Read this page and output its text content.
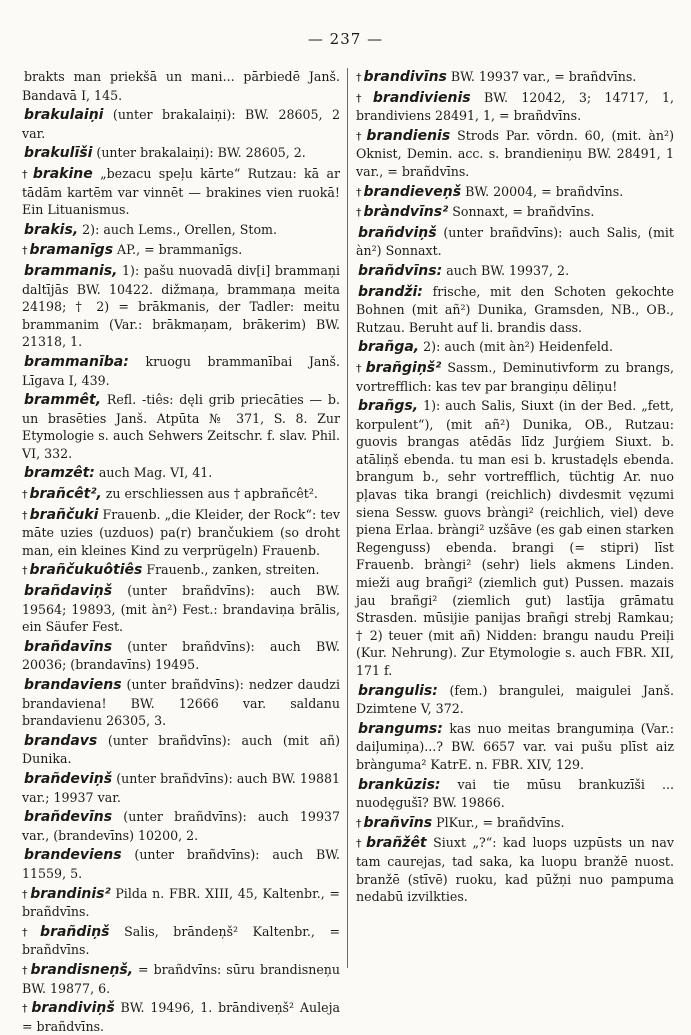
— 237 —

brakts man priekšā un mani... pārbiedē Janš. Bandavā I, 145.

brakulaiņi (unter brakalaiņi): BW. 28605, 2 var.

brakulīši (unter brakalaiņi): BW. 28605, 2.

† brakine „bezacu speļu kārte“ Rutzau: kā ar tādām kartēm var vinnēt — brakines vien ruokā! Ein Lituanismus.

brakis, 2): auch Lems., Orellen, Stom.

† bramanīgs AP., = brammanīgs.

brammanis, 1): pašu nuovadā div[i] brammaņi daltījās BW. 10422. dižmaņa, brammaņa meita 24198; † 2) = brākmanis, der Tadler: meitu brammanim (Var.: brākmaņam, brākerim) BW. 21318, 1.

brammanība: kruogu brammanībai Janš. Līgava I, 439.

brammêt, Refl. -tiês: dęli grib priecāties — b. un brasēties Janš. Atpūta № 371, S. 8. Zur Etymologie s. auch Sehwers Zeitschr. f. slav. Phil. VI, 332.

bramzêt: auch Mag. VI, 41.

† brañcêt², zu erschliessen aus † apbrañcêt².

† brañčuki Frauenb. „die Kleider, der Rock“: tev māte uzies (uzduos) pa(r) brančukiem (so droht man, ein kleines Kind zu verprügeln) Frauenb.

† brañčukuôtiês Frauenb., zanken, streiten.

brañdaviņš (unter brañdvīns): auch BW. 19564; 19893, (mit àn²) Fest.: brandaviņa brālis, ein Säufer Fest.

brañdavīns (unter brañdvīns): auch BW. 20036; (brandavīns) 19495.

brandaviens (unter brañdvīns): nedzer daudzi brandaviena! BW. 12666 var. saldanu brandavienu 26305, 3.

brandavs (unter brañdvīns): auch (mit añ) Dunika.

brañdeviņš (unter brañdvīns): auch BW. 19881 var.; 19937 var.

brañdevīns (unter brañdvīns): auch 19937 var., (brandevīns) 10200, 2.

brandeviens (unter brañdvīns): auch BW. 11559, 5.

† brandinis² Pilda n. FBR. XIII, 45, Kaltenbr., = brañdvīns.

† brañdiņš Salis, brāndeņš² Kaltenbr., = brañdvīns.

† brandisneņš, = brañdvīns: sūru brandisneņu BW. 19877, 6.

† brandiviņš BW. 19496, 1. brāndiveņš² Auleja = brañdvīns.

† brandivīns BW. 19937 var., = brañdvīns.

† brandivienis BW. 12042, 3; 14717, 1, brandiviens 28491, 1, = brañdvīns.

† brandienis Strods Par. vōrdn. 60, (mit. àn²) Oknist, Demin. acc. s. brandieniņu BW. 28491, 1 var., = brañdvīns.

† brandieveņš BW. 20004, = brañdvīns.

† bràndvīns² Sonnaxt, = brañdvīns.

brañdviņš (unter brañdvīns): auch Salis, (mit àn²) Sonnaxt.

brañdvīns: auch BW. 19937, 2.

brandži: frische, mit den Schoten gekochte Bohnen (mit añ²) Dunika, Gramsden, NB., OB., Rutzau. Beruht auf li. brandis dass.

brañga, 2): auch (mit àn²) Heidenfeld.

† brañgiņš² Sassm., Deminutivform zu brangs, vortrefflich: kas tev par brangiņu dēliņu!

brañgs, 1): auch Salis, Siuxt (in der Bed. „fett, korpulent“), (mit añ²) Dunika, OB., Rutzau: guovis brangas atēdās līdz Jurģiem Siuxt. b. atāliņš ebenda. tu man esi b. krustadęls ebenda. brangum b., sehr vortrefflich, tüchtig Ar. nuo pļavas tika brangi (reichlich) divdesmit vęzumi siena Sessw. guovs bràngi² (reichlich, viel) deve piena Erlaa. bràngi² uzšāve (es gab einen starken Regenguss) ebenda. brangi (= stipri) līst Frauenb. bràngi² (sehr) liels akmens Linden. mieži aug brañgi² (ziemlich gut) Pussen. mazais jau brañgi² (ziemlich gut) lastīja grāmatu Strasden. mūsijie panijas brañgi strebj Ramkau; † 2) teuer (mit añ) Nidden: brangu naudu Preiļi (Kur. Nehrung). Zur Etymologie s. auch FBR. XII, 171 f.

brangulis: (fem.) brangulei, maigulei Janš. Dzimtene V, 372.

brangums: kas nuo meitas brangumiņa (Var.: daiļumiņa)...? BW. 6657 var. vai pušu plīst aiz bràngumа² KatrE. n. FBR. XIV, 129.

brankūzis: vai tie mūsu brankuzīši ... nuodęgušī? BW. 19866.

† brañvīns PlKur., = brañdvīns.

† brañžêt Siuxt „?“: kad luops uzpūsts un nav tam caurejas, tad saka, ka luopu branžē nuost. branžē (stīvē) ruoku, kad pūžņi nuo pampuma nedabū izvilkties.
